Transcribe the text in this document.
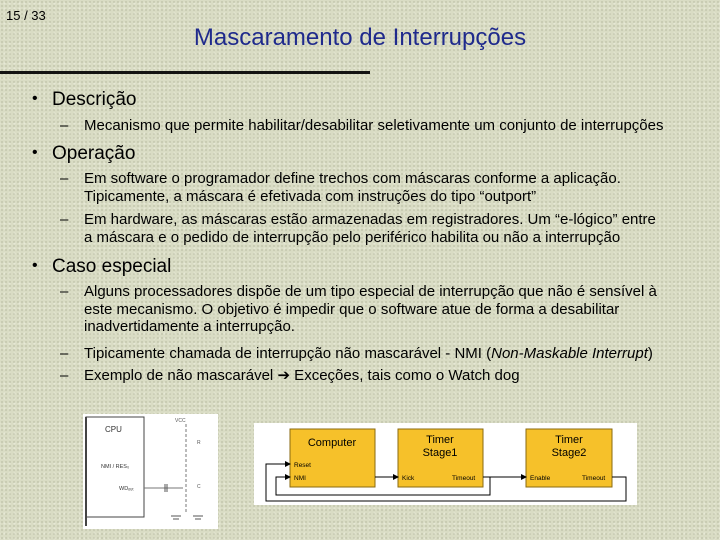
15 / 33
Mascaramento de Interrupções
• Descrição
– Mecanismo que permite habilitar/desabilitar seletivamente um conjunto de interrupções
• Operação
– Em software o programador define trechos com máscaras conforme a aplicação.
Tipicamente, a máscara é efetivada com instruções do tipo “outport”
– Em hardware, as máscaras estão armazenadas em registradores. Um “e-lógico” entre
a máscara e o pedido de interrupção pelo periférico habilita ou não a interrupção
• Caso especial
– Alguns processadores dispõe de um tipo especial de interrupção que não é sensível à
este mecanismo. O objetivo é impedir que o software atue de forma a desabilitar
inadvertidamente a interrupção.
– Tipicamente chamada de interrupção não mascarável - NMI (Non-Maskable Interrupt)
– Exemplo de não mascarável ➔ Exceções, tais como o Watch dog
CPU
NMI / RES₀
WDₒᵤₜ
VCC
R
C
Computer	Timer
Stage1
Timer
Stage2
Reset
NMI	Kick	Timeout	Enable	Timeout
